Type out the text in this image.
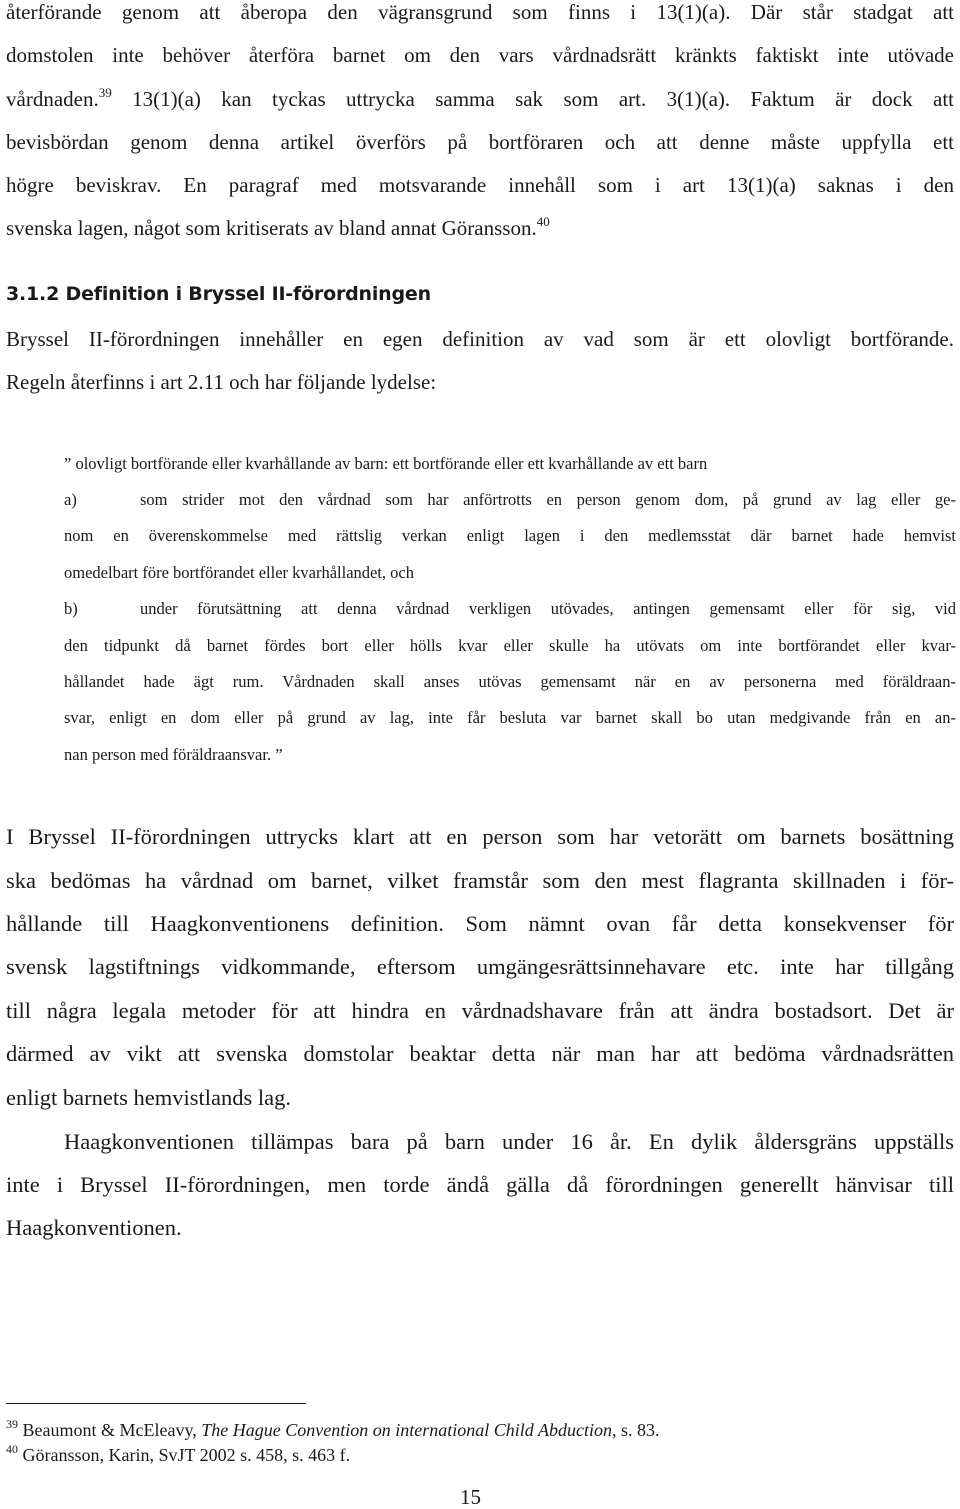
återförande genom att åberopa den vägransgrund som finns i 13(1)(a). Där står stadgat att
domstolen inte behöver återföra barnet om den vars vårdnadsrätt kränkts faktiskt inte utövade
vårdnaden.$^{39}$ 13(1)(a) kan tyckas uttrycka samma sak som art. 3(1)(a). Faktum är dock att
bevisbördan genom denna artikel överförs på bortföraren och att denne måste uppfylla ett
högre beviskrav. En paragraf med motsvarande innehåll som i art 13(1)(a) saknas i den
svenska lagen, något som kritiserats av bland annat Göransson.$^{40}$
3.1.2 Definition i Bryssel II-förordningen
Bryssel II-förordningen innehåller en egen definition av vad som är ett olovligt bortförande.
Regeln återfinns i art 2.11 och har följande lydelse:
” olovligt bortförande eller kvarhållande av barn: ett bortförande eller ett kvarhållande av ett barn
a)	som strider mot den vårdnad som har anförtrotts en person genom dom, på grund av lag eller ge-
nom en överenskommelse med rättslig verkan enligt lagen i den medlemsstat där barnet hade hemvist
omedelbart före bortförandet eller kvarhållandet, och
b)	under förutsättning att denna vårdnad verkligen utövades, antingen gemensamt eller för sig, vid
den tidpunkt då barnet fördes bort eller hölls kvar eller skulle ha utövats om inte bortförandet eller kvar-
hållandet hade ägt rum. Vårdnaden skall anses utövas gemensamt när en av personerna med föräldraan-
svar, enligt en dom eller på grund av lag, inte får besluta var barnet skall bo utan medgivande från en an-
nan person med föräldraansvar. ”
I Bryssel II-förordningen uttrycks klart att en person som har vetorätt om barnets bosättning
ska bedömas ha vårdnad om barnet, vilket framstår som den mest flagranta skillnaden i för-
hållande till Haagkonventionens definition. Som nämnt ovan får detta konsekvenser för
svensk lagstiftnings vidkommande, eftersom umgängesrättsinnehavare etc. inte har tillgång
till några legala metoder för att hindra en vårdnadshavare från att ändra bostadsort. Det är
därmed av vikt att svenska domstolar beaktar detta när man har att bedöma vårdnadsrätten
enligt barnets hemvistlands lag.
Haagkonventionen tillämpas bara på barn under 16 år. En dylik åldersgräns uppställs
inte i Bryssel II-förordningen, men torde ändå gälla då förordningen generellt hänvisar till
Haagkonventionen.
$^{39}$ Beaumont & McEleavy, The Hague Convention on international Child Abduction, s. 83.
$^{40}$ Göransson, Karin, SvJT 2002 s. 458, s. 463 f.
15
